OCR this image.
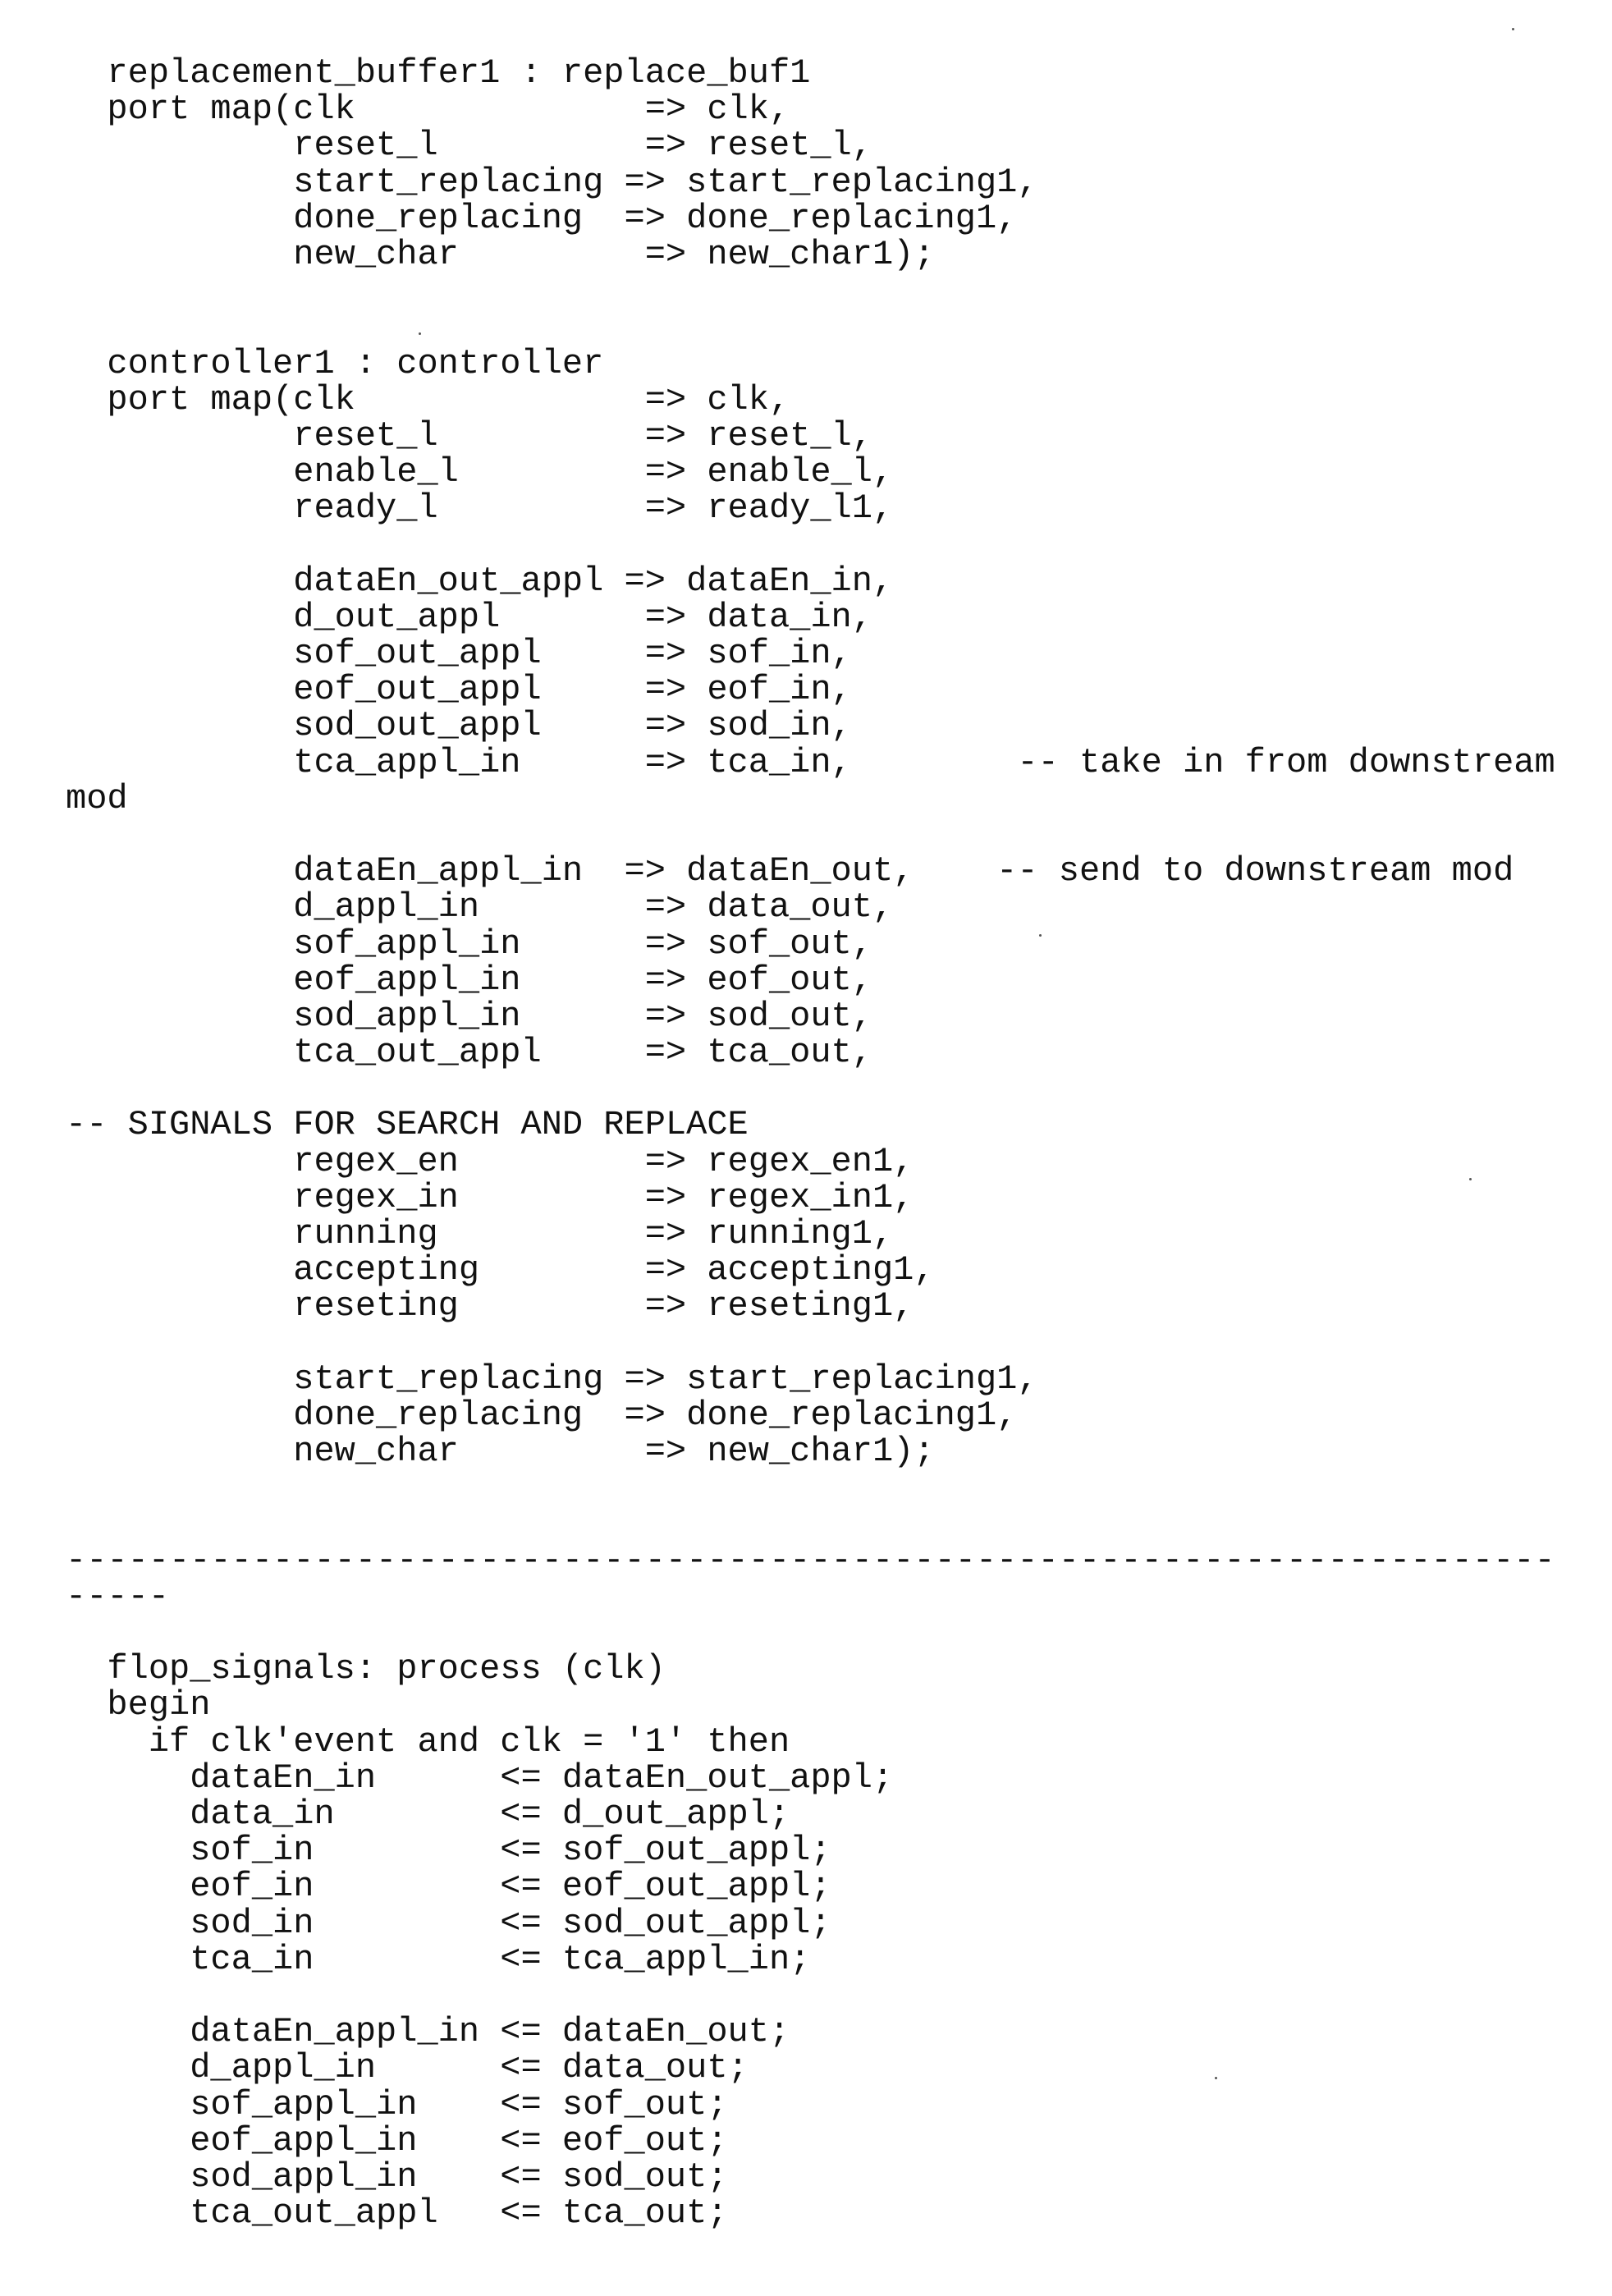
replacement_buffer1 : replace_buf1
port map(clk              => clk,
reset_l          => reset_l,
start_replacing => start_replacing1,
done_replacing  => done_replacing1,
new_char         => new_char1);
controller1 : controller
port map(clk              => clk,
reset_l          => reset_l,
enable_l         => enable_l,
ready_l          => ready_l1,
dataEn_out_appl => dataEn_in,
d_out_appl       => data_in,
sof_out_appl     => sof_in,
eof_out_appl     => eof_in,
sod_out_appl     => sod_in,
tca_appl_in      => tca_in,        -- take in from downstream
mod
dataEn_appl_in  => dataEn_out,    -- send to downstream mod
d_appl_in        => data_out,
sof_appl_in      => sof_out,
eof_appl_in      => eof_out,
sod_appl_in      => sod_out,
tca_out_appl     => tca_out,
-- SIGNALS FOR SEARCH AND REPLACE
regex_en         => regex_en1,
regex_in         => regex_in1,
running          => running1,
accepting        => accepting1,
reseting         => reseting1,
start_replacing => start_replacing1,
done_replacing  => done_replacing1,
new_char         => new_char1);
------------------------------------------------------------------------
-----
flop_signals: process (clk)
begin
if clk'event and clk = '1' then
dataEn_in      <= dataEn_out_appl;
data_in        <= d_out_appl;
sof_in         <= sof_out_appl;
eof_in         <= eof_out_appl;
sod_in         <= sod_out_appl;
tca_in         <= tca_appl_in;
dataEn_appl_in <= dataEn_out;
d_appl_in      <= data_out;
sof_appl_in    <= sof_out;
eof_appl_in    <= eof_out;
sod_appl_in    <= sod_out;
tca_out_appl   <= tca_out;
